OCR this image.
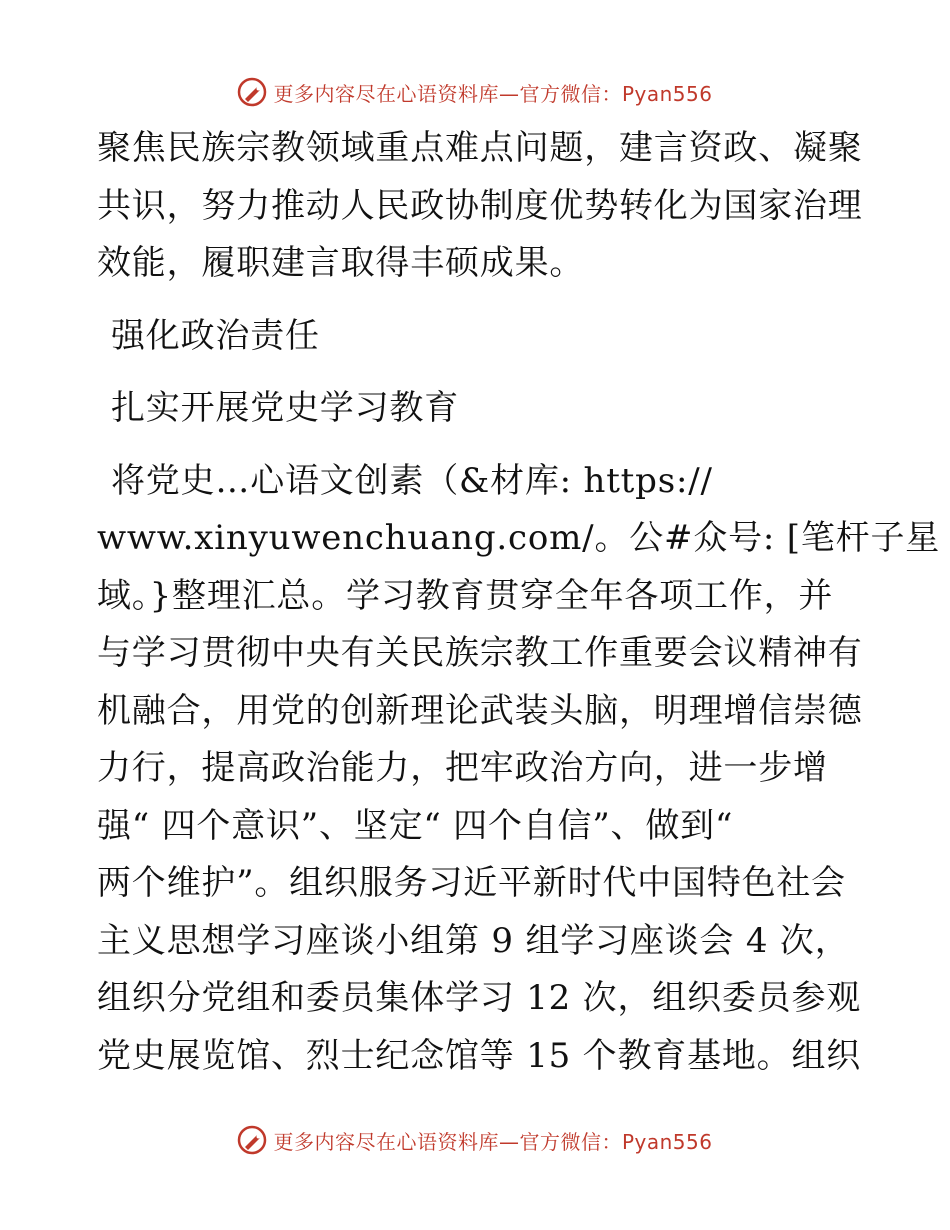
更多内容尽在心语资料库—官方微信：Pyan556
聚焦民族宗教领域重点难点问题，建言资政、凝聚
共识，努力推动人民政协制度优势转化为国家治理
效能，履职建言取得丰硕成果。
强化政治责任
扎实开展党史学习教育
将党史…心语文创素（&材库: https://
www.xinyuwenchuang.com/。公#众号: [笔杆子星
域。}整理汇总。学习教育贯穿全年各项工作，并
与学习贯彻中央有关民族宗教工作重要会议精神有
机融合，用党的创新理论武装头脑，明理增信崇德
力行，提高政治能力，把牢政治方向，进一步增
强“ 四个意识”、坚定“ 四个自信”、做到“
两个维护”。组织服务习近平新时代中国特色社会
主义思想学习座谈小组第 9 组学习座谈会 4 次，
组织分党组和委员集体学习 12 次，组织委员参观
党史展览馆、烈士纪念馆等 15 个教育基地。组织
更多内容尽在心语资料库—官方微信：Pyan556
